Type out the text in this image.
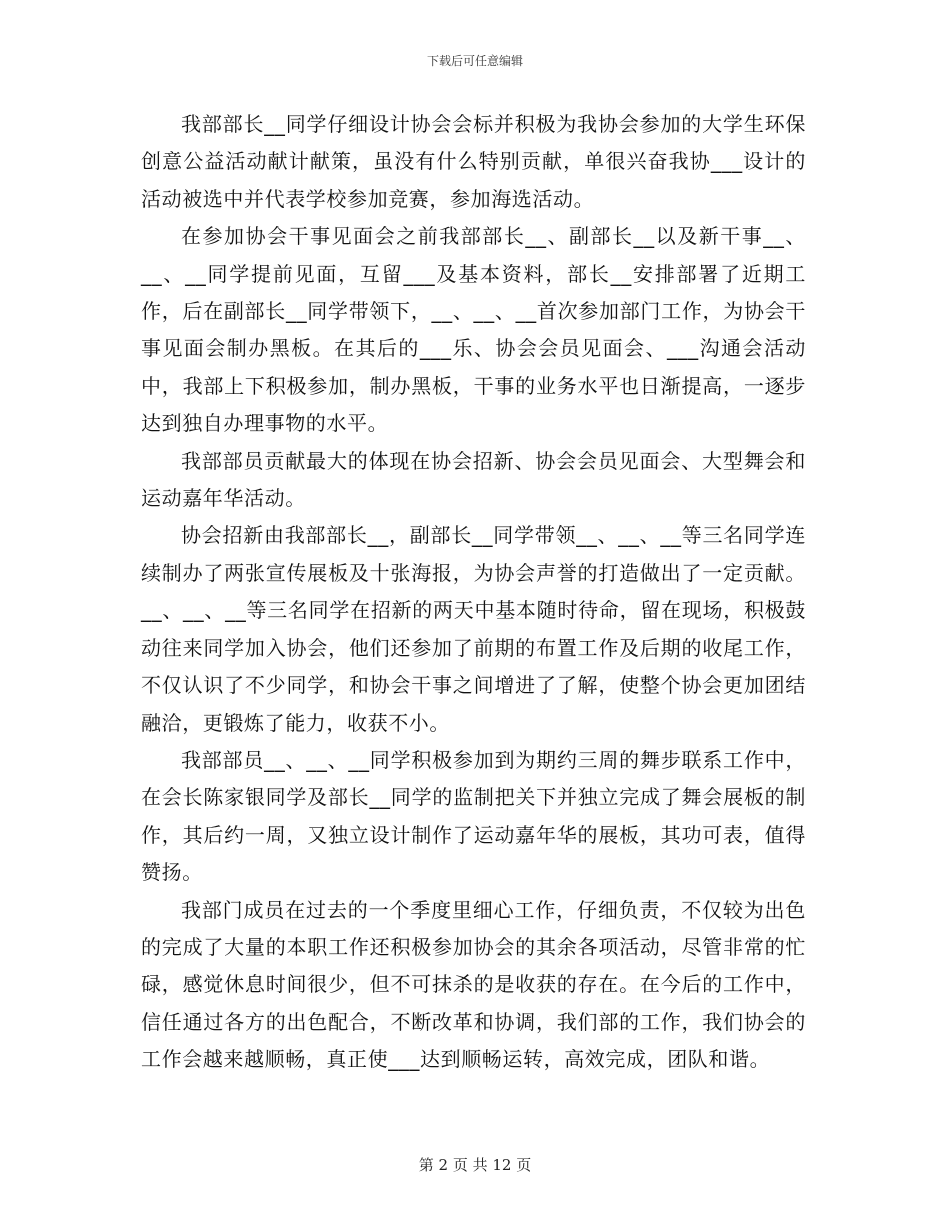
下载后可任意编辑

我部部长__同学仔细设计协会会标并积极为我协会参加的大学生环保创意公益活动献计献策，虽没有什么特别贡献，单很兴奋我协___设计的活动被选中并代表学校参加竞赛，参加海选活动。

在参加协会干事见面会之前我部部长__、副部长__以及新干事__、__、__同学提前见面，互留___及基本资料，部长__安排部署了近期工作，后在副部长__同学带领下，__、__、__首次参加部门工作，为协会干事见面会制办黑板。在其后的___乐、协会会员见面会、___沟通会活动中，我部上下积极参加，制办黑板，干事的业务水平也日渐提高，一逐步达到独自办理事物的水平。

我部部员贡献最大的体现在协会招新、协会会员见面会、大型舞会和运动嘉年华活动。

协会招新由我部部长__，副部长__同学带领__、__、__等三名同学连续制办了两张宣传展板及十张海报，为协会声誉的打造做出了一定贡献。__、__、__等三名同学在招新的两天中基本随时待命，留在现场，积极鼓动往来同学加入协会，他们还参加了前期的布置工作及后期的收尾工作，不仅认识了不少同学，和协会干事之间增进了了解，使整个协会更加团结融洽，更锻炼了能力，收获不小。

我部部员__、__、__同学积极参加到为期约三周的舞步联系工作中，在会长陈家银同学及部长__同学的监制把关下并独立完成了舞会展板的制作，其后约一周，又独立设计制作了运动嘉年华的展板，其功可表，值得赞扬。

我部门成员在过去的一个季度里细心工作，仔细负责，不仅较为出色的完成了大量的本职工作还积极参加协会的其余各项活动，尽管非常的忙碌，感觉休息时间很少，但不可抹杀的是收获的存在。在今后的工作中，信任通过各方的出色配合，不断改革和协调，我们部的工作，我们协会的工作会越来越顺畅，真正使___达到顺畅运转，高效完成，团队和谐。

第 2 页 共 12 页
